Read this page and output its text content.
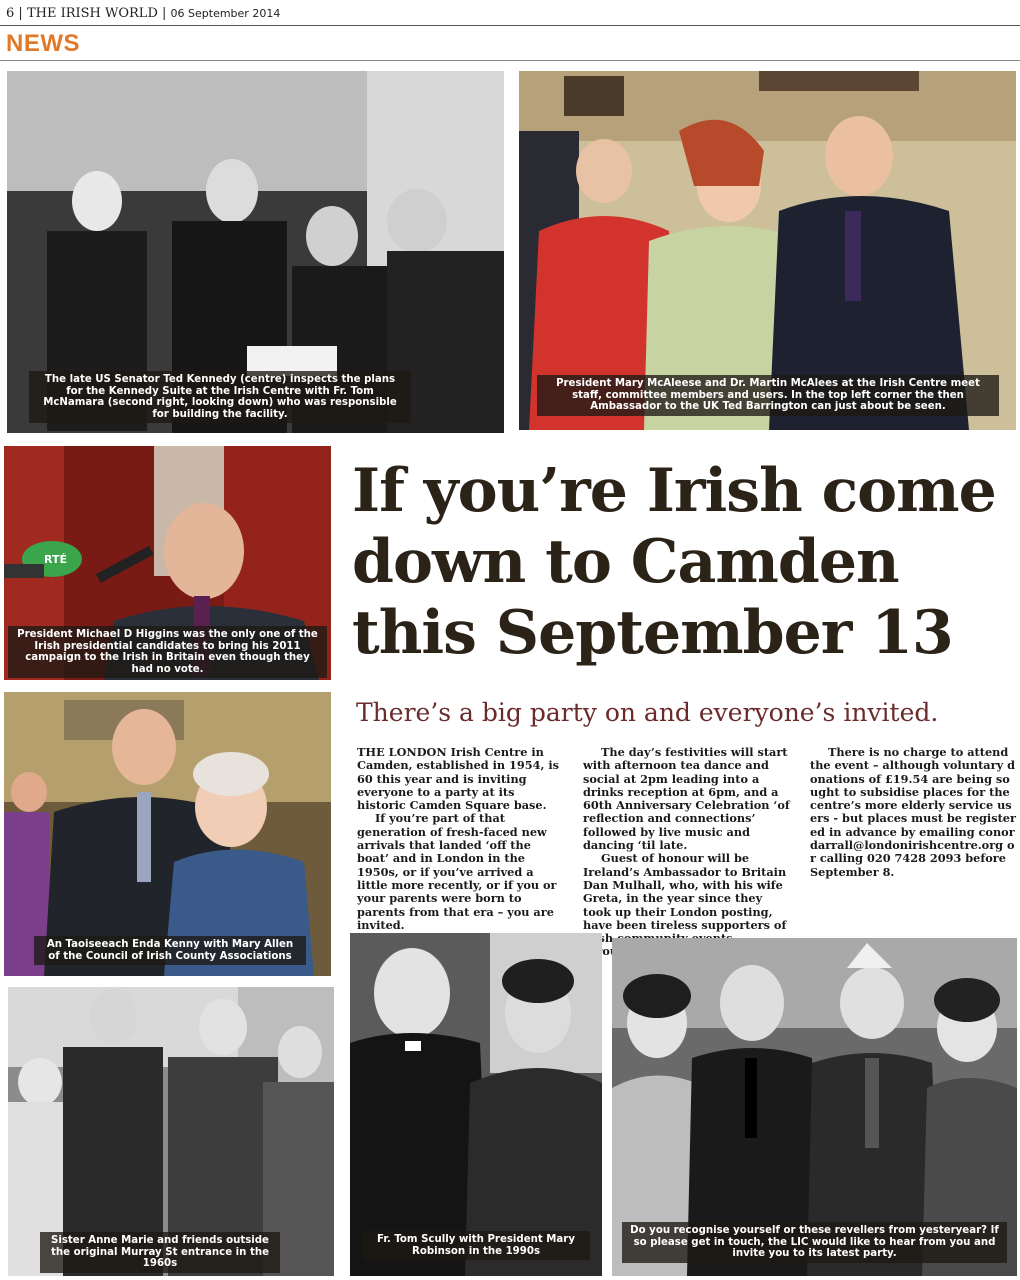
6 | THE IRISH WORLD | 06 September 2014
NEWS
The late US Senator Ted Kennedy (centre) inspects the plans for the Kennedy Suite at the Irish Centre with Fr. Tom McNamara (second right, looking down) who was responsible for building the facility.
President Mary McAleese and Dr. Martin McAlees at the Irish Centre meet staff, committee members and users. In the top left corner the then Ambassador to the UK Ted Barrington can just about be seen.
RTÉ
President Michael D Higgins was the only one of the Irish presidential candidates to bring his 2011 campaign to the Irish in Britain even though they had no vote.
An Taoiseeach Enda Kenny with Mary Allen of the Council of Irish County Associations
If you’re Irish come down to Camden this September 13
There’s a big party on and everyone’s invited.

THE LONDON Irish Centre in Camden, established in 1954, is 60 this year and is inviting everyone to a party at its historic Camden Square base.

If you’re part of that generation of fresh-faced new arrivals that landed ‘off the boat’ and in London in the 1950s, or if you’ve arrived a little more recently, or if you or your parents were born to parents from that era – you are invited.

The day’s festivities will start with afternoon tea dance and social at 2pm leading into a drinks reception at 6pm, and a 60th Anniversary Celebration ‘of reflection and connections’ followed by live music and dancing ‘til late.

Guest of honour will be Ireland’s Ambassador to Britain Dan Mulhall, who, with his wife Greta, in the year since they took up their London posting, have been tireless supporters of

There is no charge to attend the event – although voluntary donations of £19.54 are being sought to subsidise places for the centre’s more elderly service users - but places must be registered in advance by emailing conordarrall@londonirishcentre.org or calling 020 7428 2093 before September 8.

Sister Anne Marie and friends outside the original Murray St entrance in the 1960s
Fr. Tom Scully with President Mary Robinson in the 1990s
Do you recognise yourself or these revellers from yesteryear? If so please get in touch, the LIC would like to hear from you and invite you to its latest party.
